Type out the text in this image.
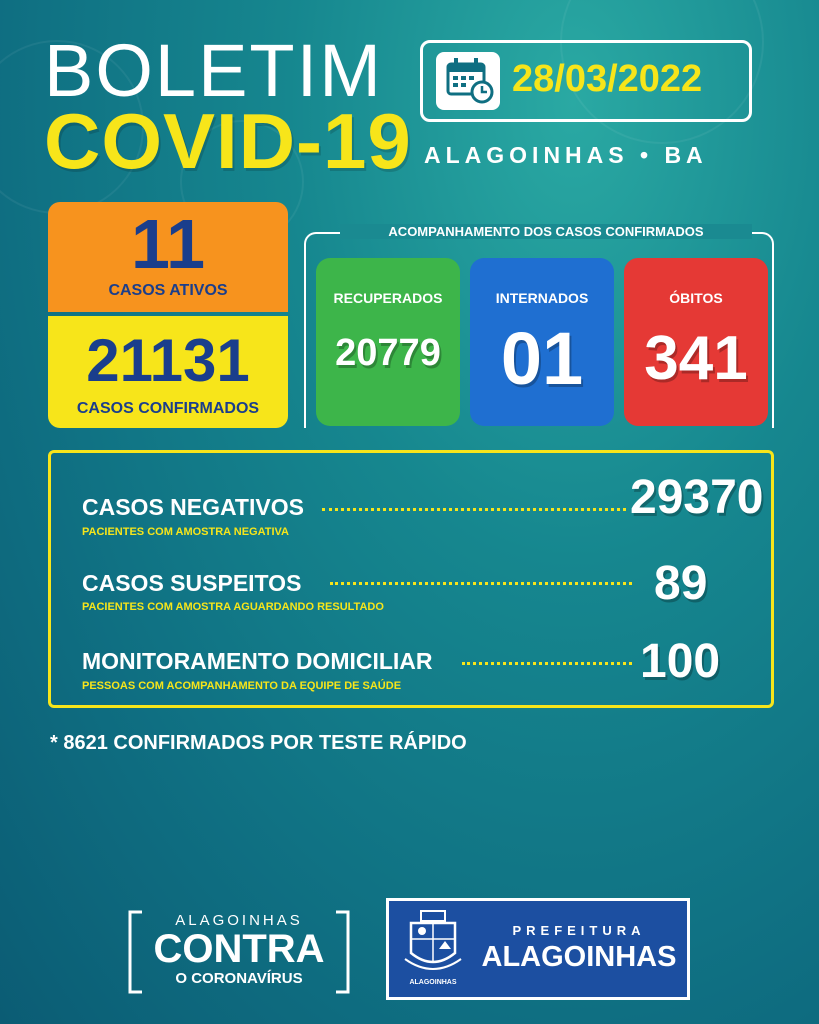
BOLETIM
COVID-19
28/03/2022
ALAGOINHAS • BA
11
CASOS ATIVOS
21131
CASOS CONFIRMADOS
ACOMPANHAMENTO DOS CASOS CONFIRMADOS
RECUPERADOS
20779
INTERNADOS
01
ÓBITOS
341
CASOS NEGATIVOS
PACIENTES COM AMOSTRA NEGATIVA
29370
CASOS SUSPEITOS
PACIENTES COM AMOSTRA AGUARDANDO RESULTADO	89
MONITORAMENTO DOMICILIAR
PESSOAS COM ACOMPANHAMENTO DA EQUIPE DE SAÚDE	100
* 8621 CONFIRMADOS POR TESTE RÁPIDO
ALAGOINHAS
CONTRA
O CORONAVÍRUS	ALAGOINHAS
PREFEITURA
ALAGOINHAS
